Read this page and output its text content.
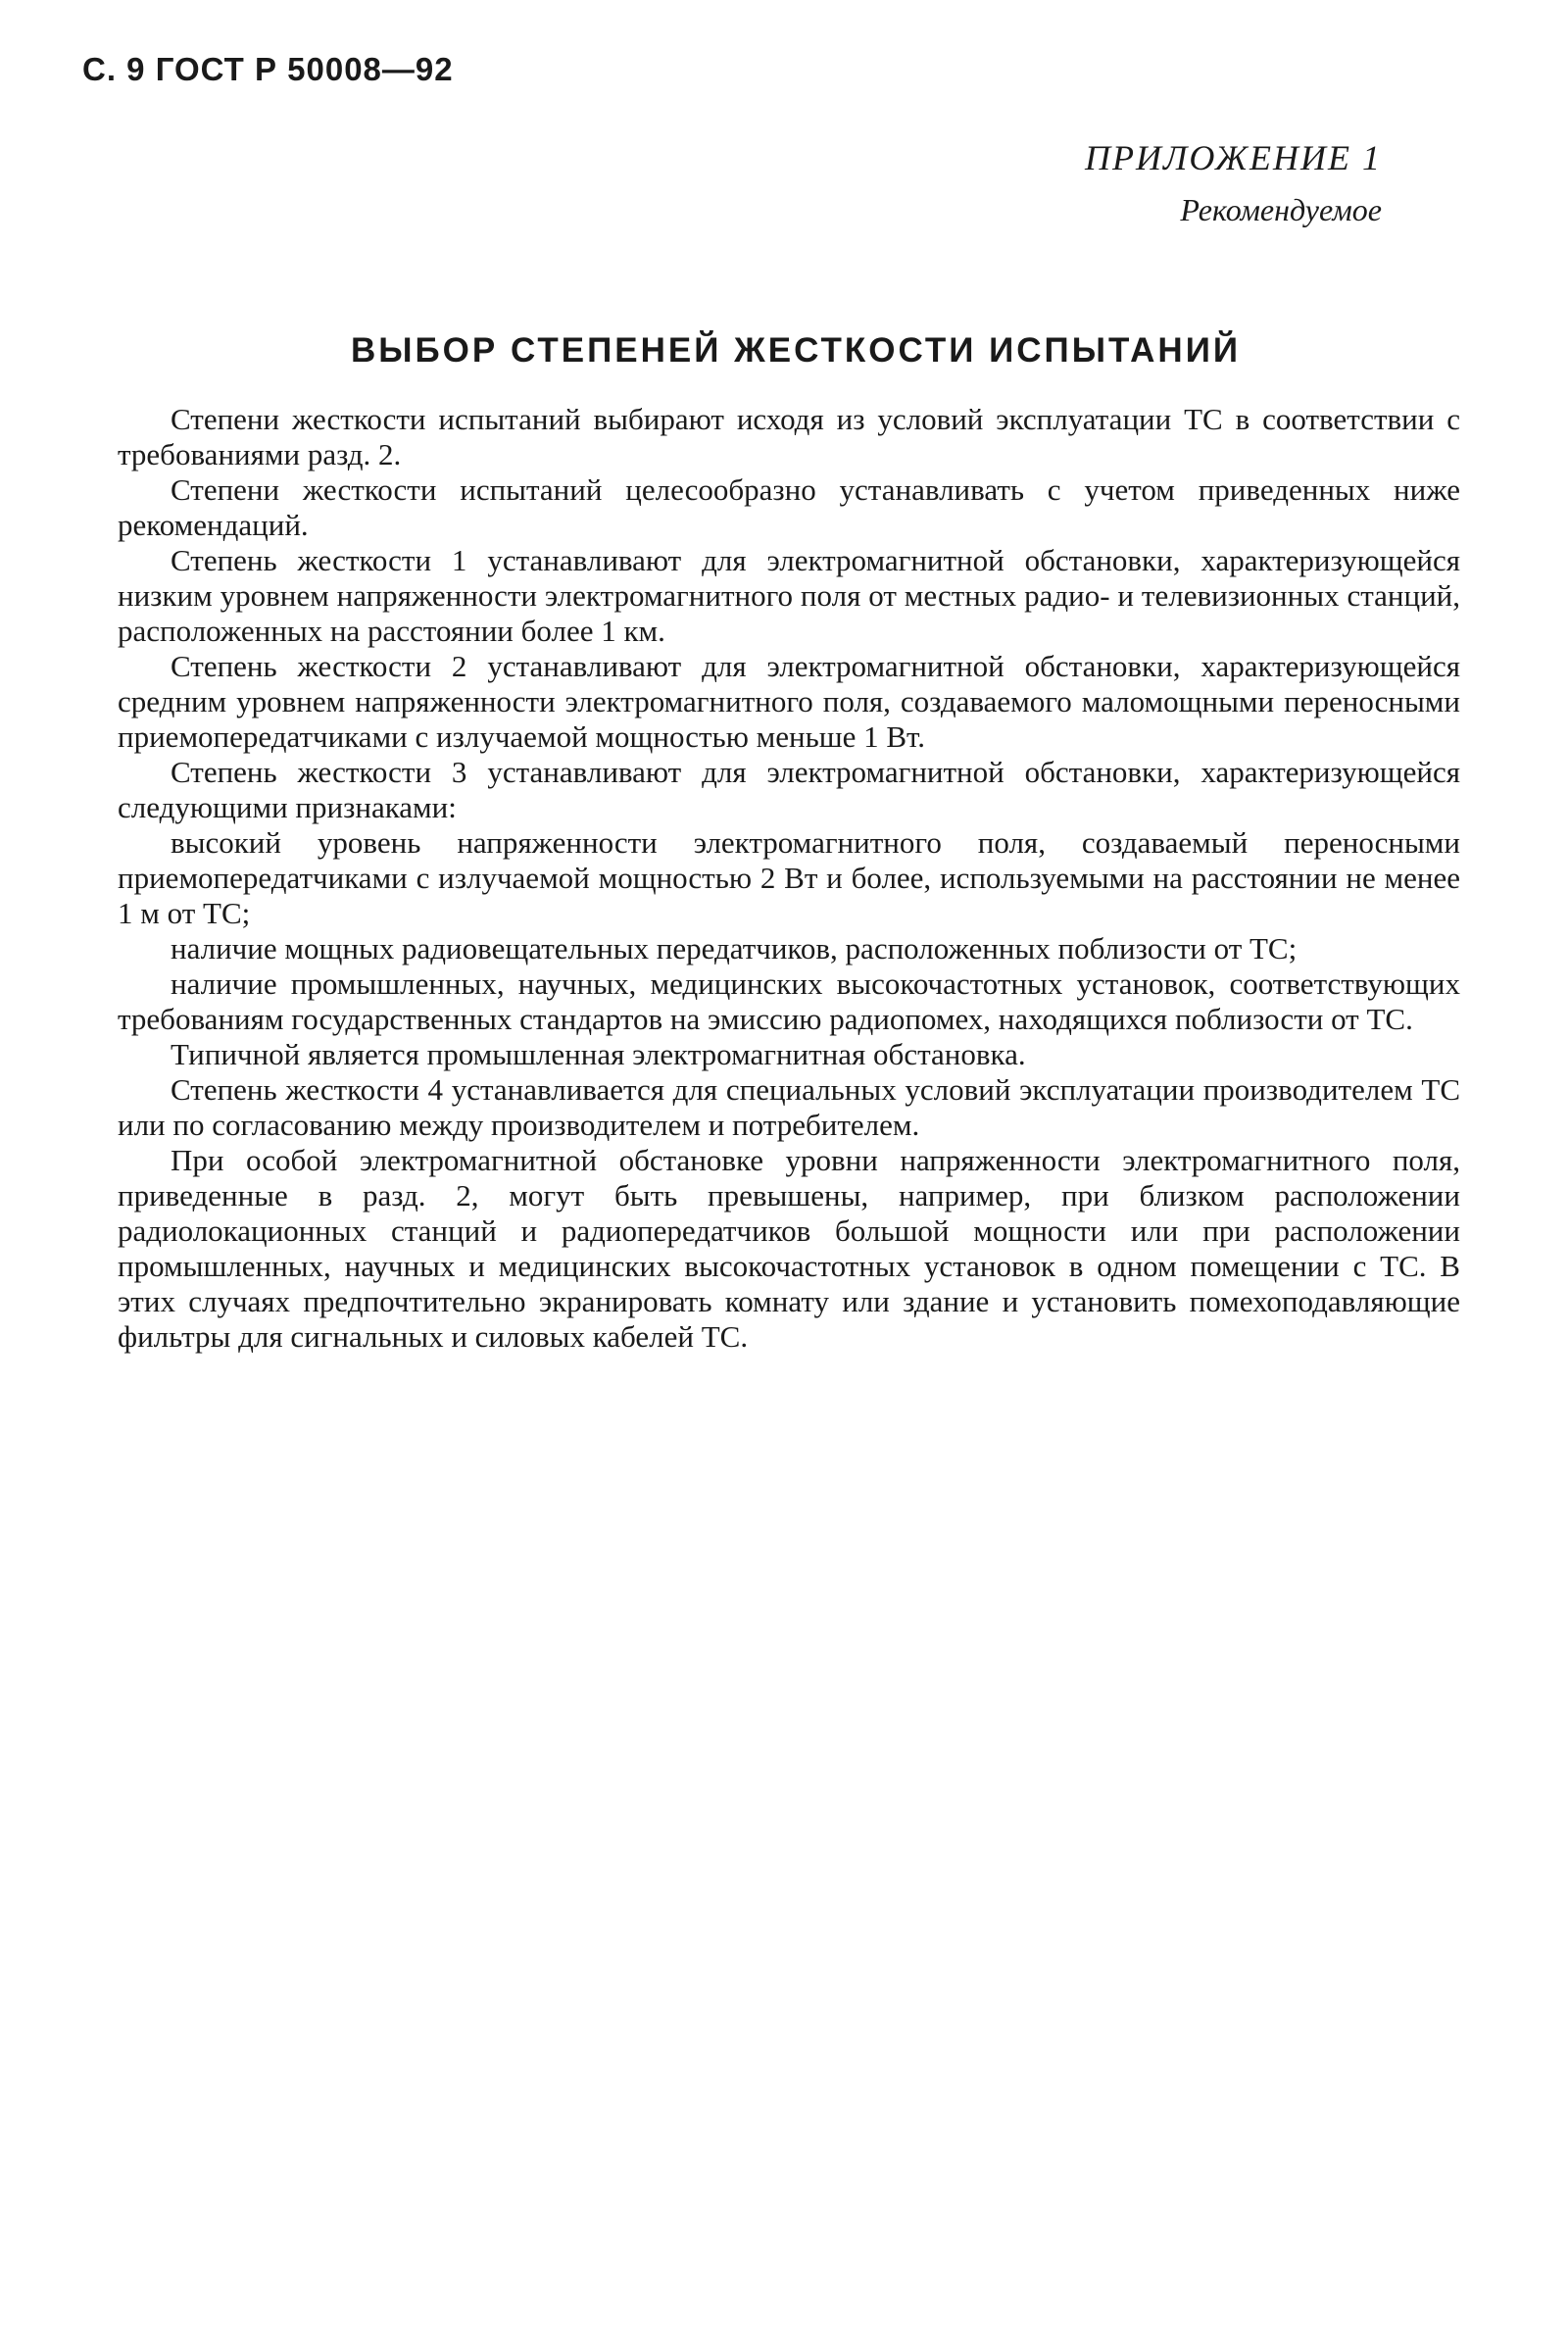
С. 9 ГОСТ Р 50008—92
ПРИЛОЖЕНИЕ 1
Рекомендуемое
ВЫБОР СТЕПЕНЕЙ ЖЕСТКОСТИ ИСПЫТАНИЙ

Степени жесткости испытаний выбирают исходя из условий эксплуатации ТС в соответствии с требованиями разд. 2.

Степени жесткости испытаний целесообразно устанавливать с учетом приведенных ниже рекомендаций.

Степень жесткости 1 устанавливают для электромагнитной обстановки, характеризующейся низким уровнем напряженности электромагнитного поля от местных радио- и телевизионных станций, расположенных на расстоянии более 1 км.

Степень жесткости 2 устанавливают для электромагнитной обстановки, характеризующейся средним уровнем напряженности электромагнитного поля, создаваемого маломощными переносными приемопередатчиками с излучаемой мощностью меньше 1 Вт.

Степень жесткости 3 устанавливают для электромагнитной обстановки, характеризующейся следующими признаками:

высокий уровень напряженности электромагнитного поля, создаваемый переносными приемопередатчиками с излучаемой мощностью 2 Вт и более, используемыми на расстоянии не менее 1 м от ТС;

наличие мощных радиовещательных передатчиков, расположенных поблизости от ТС;

наличие промышленных, научных, медицинских высокочастотных установок, соответствующих требованиям государственных стандартов на эмиссию радиопомех, находящихся поблизости от ТС.

Типичной является промышленная электромагнитная обстановка.

Степень жесткости 4 устанавливается для специальных условий эксплуатации производителем ТС или по согласованию между производителем и потребителем.

При особой электромагнитной обстановке уровни напряженности электромагнитного поля, приведенные в разд. 2, могут быть превышены, например, при близком расположении радиолокационных станций и радиопередатчиков большой мощности или при расположении промышленных, научных и медицинских высокочастотных установок в одном помещении с ТС. В этих случаях предпочтительно экранировать комнату или здание и установить помехоподавляющие фильтры для сигнальных и силовых кабелей ТС.
